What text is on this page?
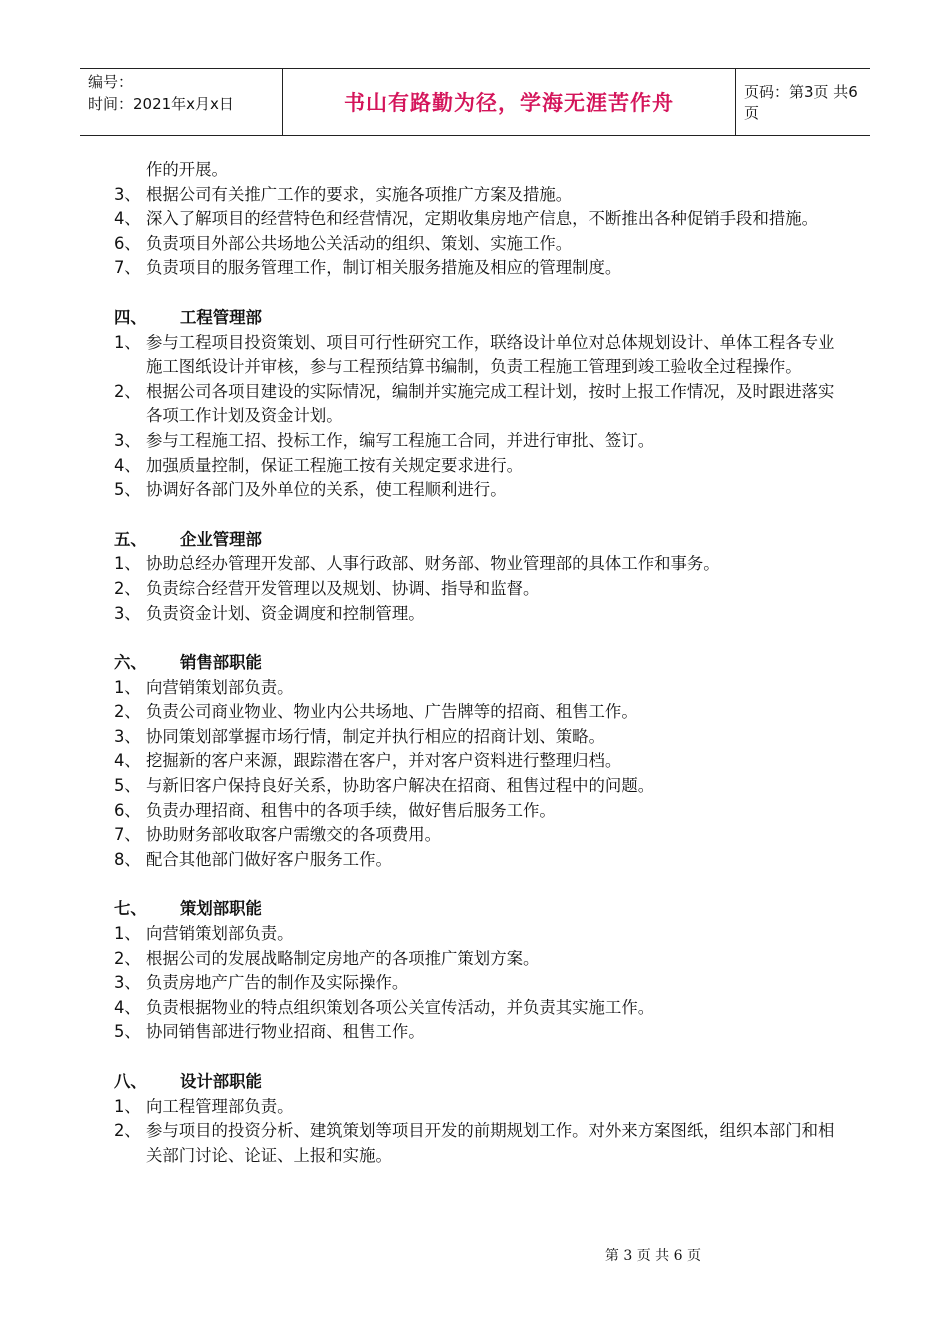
编号：
时间：2021年x月x日	书山有路勤为径，学海无涯苦作舟	页码：第3页 共6页

作的开展。

3、 根据公司有关推广工作的要求，实施各项推广方案及措施。
4、 深入了解项目的经营特色和经营情况，定期收集房地产信息，不断推出各种促销手段和措施。
6、 负责项目外部公共场地公关活动的组织、策划、实施工作。
7、 负责项目的服务管理工作，制订相关服务措施及相应的管理制度。

四、 工程管理部

1、 参与工程项目投资策划、项目可行性研究工作，联络设计单位对总体规划设计、单体工程各专业施工图纸设计并审核，参与工程预结算书编制，负责工程施工管理到竣工验收全过程操作。
2、 根据公司各项目建设的实际情况，编制并实施完成工程计划，按时上报工作情况，及时跟进落实各项工作计划及资金计划。
3、 参与工程施工招、投标工作，编写工程施工合同，并进行审批、签订。
4、 加强质量控制，保证工程施工按有关规定要求进行。
5、 协调好各部门及外单位的关系，使工程顺利进行。

五、 企业管理部

1、 协助总经办管理开发部、人事行政部、财务部、物业管理部的具体工作和事务。
2、 负责综合经营开发管理以及规划、协调、指导和监督。
3、 负责资金计划、资金调度和控制管理。

六、 销售部职能

1、 向营销策划部负责。
2、 负责公司商业物业、物业内公共场地、广告牌等的招商、租售工作。
3、 协同策划部掌握市场行情，制定并执行相应的招商计划、策略。
4、 挖掘新的客户来源，跟踪潜在客户，并对客户资料进行整理归档。
5、 与新旧客户保持良好关系，协助客户解决在招商、租售过程中的问题。
6、 负责办理招商、租售中的各项手续，做好售后服务工作。
7、 协助财务部收取客户需缴交的各项费用。
8、 配合其他部门做好客户服务工作。

七、 策划部职能

1、 向营销策划部负责。
2、 根据公司的发展战略制定房地产的各项推广策划方案。
3、 负责房地产广告的制作及实际操作。
4、 负责根据物业的特点组织策划各项公关宣传活动，并负责其实施工作。
5、 协同销售部进行物业招商、租售工作。

八、 设计部职能

1、 向工程管理部负责。
2、 参与项目的投资分析、建筑策划等项目开发的前期规划工作。对外来方案图纸，组织本部门和相关部门讨论、论证、上报和实施。
第 3 页 共 6 页
